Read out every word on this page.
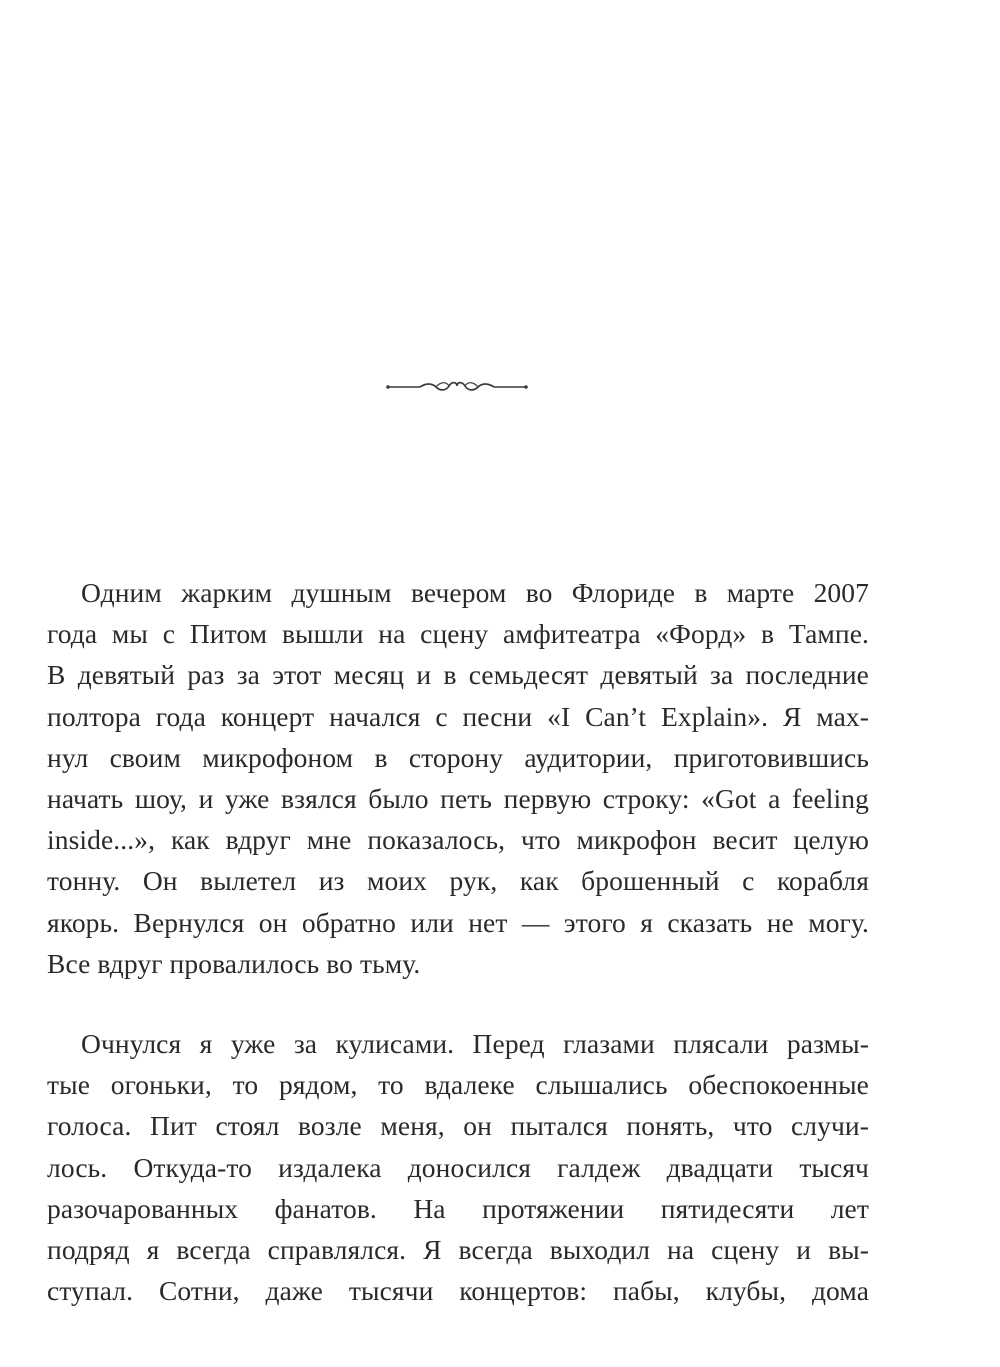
Одним жарким душным вечером во Флориде в марте 2007
года мы с Питом вышли на сцену амфитеатра «Форд» в Тампе.
В девятый раз за этот месяц и в семьдесят девятый за последние
полтора года концерт начался с песни «I Can’t Explain». Я мах-
нул своим микрофоном в сторону аудитории, приготовившись
начать шоу, и уже взялся было петь первую строку: «Got a feeling
inside...», как вдруг мне показалось, что микрофон весит целую
тонну. Он вылетел из моих рук, как брошенный с корабля
якорь. Вернулся он обратно или нет — этого я сказать не могу.
Все вдруг провалилось во тьму.
Очнулся я уже за кулисами. Перед глазами плясали размы-
тые огоньки, то рядом, то вдалеке слышались обеспокоенные
голоса. Пит стоял возле меня, он пытался понять, что случи-
лось. Откуда-то издалека доносился галдеж двадцати тысяч
разочарованных фанатов. На протяжении пятидесяти лет
подряд я всегда справлялся. Я всегда выходил на сцену и вы-
ступал. Сотни, даже тысячи концертов: пабы, клубы, дома
